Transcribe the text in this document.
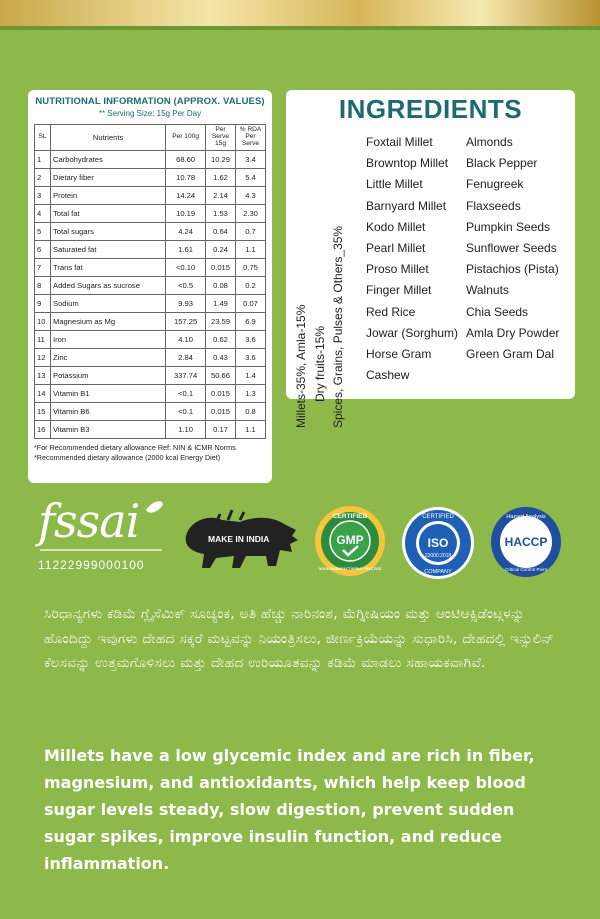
NUTRITIONAL INFORMATION (APPROX. VALUES)
** Serving Size: 15g Per Day
SL	Nutrients	Per 100g	Per Serve 15g	% RDA Per Serve
1	Carbohydrates	68.60	10.29	3.4
2	Dietary fiber	10.78	1.62	5.4
3	Protein	14.24	2.14	4.3
4	Total fat	10.19	1.53	2.30
5	Total sugars	4.24	0.64	0.7
6	Saturated fat	1.61	0.24	1.1
7	Trans fat	<0.10	0.015	0.75
8	Added Sugars as sucrose	<0.5	0.08	0.2
9	Sodium	9.93	1.49	0.07
10	Magnesium as Mg	157.25	23.59	6.9
11	Iron	4.10	0.62	3.6
12	Zinc	2.84	0.43	3.6
13	Potassium	337.74	50.66	1.4
14	Vitamin B1	<0.1	0.015	1.3
15	Vitamin B6	<0.1	0.015	0.8
16	Vitamin B3	1.10	0.17	1.1
*For Recommended dietary allowance Ref: NIN & ICMR Norms
*Recommended dietary allowance (2000 kcal Energy Diet)
INGREDIENTS
Millets-35%, Amla-15% Dry fruits-15% Spices, Grains, Pulses & Others_35%
Foxtail Millet
Browntop Millet
Little Millet
Barnyard Millet
Kodo Millet
Pearl Millet
Proso Millet
Finger Millet
Red Rice
Jowar (Sorghum)
Horse Gram
Cashew
Almonds
Black Pepper
Fenugreek
Flaxseeds
Pumpkin Seeds
Sunflower Seeds
Pistachios (Pista)
Walnuts
Chia Seeds
Amla Dry Powder
Green Gram Dal
fssai
11222999000100
MAKE IN INDIA
CERTIFIED
GMP
GOOD MANUFACTURING PRACTICE
CERTIFIED
ISO
22000:2018
COMPANY
Hazard Analysis
HACCP
Critical Control Point
ಸಿರಿಧಾನ್ಯಗಳು ಕಡಿಮೆ ಗ್ಲೈಸೆಮಿಕ್ ಸೂಚ್ಯಂಕ, ಅತಿ ಹೆಚ್ಚು ನಾರಿನಂಶ, ಮೆಗ್ನೀಷಿಯಂ ಮತ್ತು ಆಂಟಿಆಕ್ಸಿಡೆಂಟ್ಗಳನ್ನು ಹೊಂದಿದ್ದು ಇವುಗಳು ದೇಹದ ಸಕ್ಕರೆ ಮಟ್ಟವನ್ನು ನಿಯಂತ್ರಿಸಲು, ಜೀರ್ಣಕ್ರಿಯೆಯನ್ನು ಸುಧಾರಿಸಿ, ದೇಹದಲ್ಲಿ ಇನ್ಸುಲಿನ್ ಕೆಲಸವನ್ನು ಉತ್ತಮಗೊಳಿಸಲು ಮತ್ತು ದೇಹದ ಉರಿಯೂತವನ್ನು ಕಡಿಮೆ ಮಾಡಲು ಸಹಾಯಕವಾಗಿವೆ.
Millets have a low glycemic index and are rich in fiber, magnesium, and antioxidants, which help keep blood sugar levels steady, slow digestion, prevent sudden sugar spikes, improve insulin function, and reduce inflammation.
